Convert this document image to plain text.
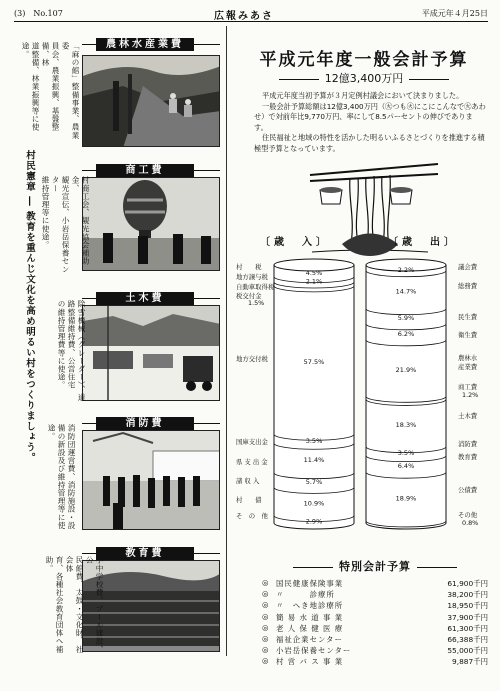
(3)　No.107	広報みあさ	平成元年４月25日
村民憲章 ― 教育を重んじ文化を高め明るい村をつくりましょう。
農林水産業費
「麻の館」整備事業、農業委
員会、農業振興、基盤整備、林
道整備、林業振興等に使途。
商工費
村商工会、観光協会補助金、
観光宣伝、小岩岳保養センター
維持管理等に使途。
土木費
除雪機械（グレーダー）、道
路整備維持費、公営住宅
の維持管理費等に使途。
消防費
消防団運営費、消防施設・設
備の新設及び維持管理等に使途。
教育費
小中学校費、プール建設、公
民館費、太鼓・文化財、社会体
育、各種社会教育団体へ補助。
平成元年度一般会計予算
12億3,400万円

平成元年度当初予算が３月定例村議会において決まりました。

一般会計予算総額は12億3,400万円（㊋つも㊋にこにこんなで㊋あわせ）で対前年比9,770万円、率にして8.5パーセントの伸びであります。

住民福祉と地域の特性を活かした明るいふるさとづくりを推進する積極型予算となっています。

〔歳　入〕	〔歳　出〕
4.5%
2.1%
57.5%
3.5%
11.4%
5.7%
10.9%
2.9%
2.2%
14.7%
5.9%
6.2%
21.9%
18.3%
3.5%
6.4%
18.9%
村　　税
地方譲与税
自動車取得税
税交付金
1.5%
地方交付税
国庫支出金
県 支 出 金
諸 収 入
村　　債
そ　の　他
議会費
総務費
民生費
衛生費
農林水
産業費
商工費
1.2%
土木費
消防費
教育費
公債費
その他
0.8%
特別会計予算
◎ 国民健康保険事業	61,900千円
◎ 〃　　　診療所	38,200千円
◎ 〃　へき地診療所	18,950千円
◎ 簡 易 水 道 事 業	37,900千円
◎ 老 人 保 健 医 療	61,300千円
◎ 福祉企業センター	66,388千円
◎ 小岩岳保養センター	55,000千円
◎ 村 営 バ ス 事 業	9,887千円
